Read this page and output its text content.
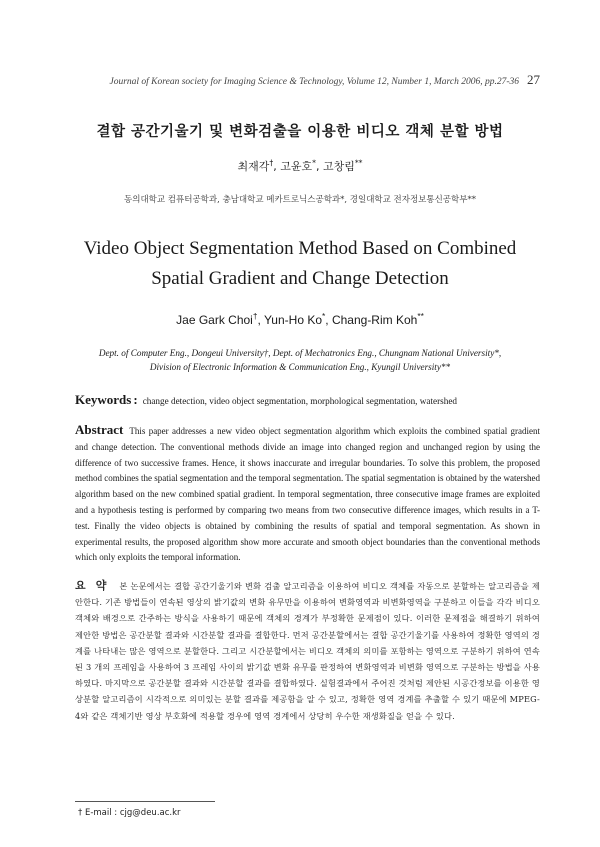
Journal of Korean society for Imaging Science & Technology, Volume 12, Number 1, March 2006, pp.27-36 27
결합 공간기울기 및 변화검출을 이용한 비디오 객체 분할 방법
최재각†, 고윤호*, 고창림**
동의대학교 컴퓨터공학과, 충남대학교 메카트로닉스공학과*, 경일대학교 전자정보통신공학부**
Video Object Segmentation Method Based on Combined Spatial Gradient and Change Detection
Jae Gark Choi†, Yun-Ho Ko*, Chang-Rim Koh**
Dept. of Computer Eng., Dongeui University†, Dept. of Mechatronics Eng., Chungnam National University*,
Division of Electronic Information & Communication Eng., Kyungil University**
Keywords : change detection, video object segmentation, morphological segmentation, watershed
Abstract This paper addresses a new video object segmentation algorithm which exploits the combined spatial gradient and change detection. The conventional methods divide an image into changed region and unchanged region by using the difference of two successive frames. Hence, it shows inaccurate and irregular boundaries. To solve this problem, the proposed method combines the spatial segmentation and the temporal segmentation. The spatial segmentation is obtained by the watershed algorithm based on the new combined spatial gradient. In temporal segmentation, three consecutive image frames are exploited and a hypothesis testing is performed by comparing two means from two consecutive difference images, which results in a T-test. Finally the video objects is obtained by combining the results of spatial and temporal segmentation. As shown in experimental results, the proposed algorithm show more accurate and smooth object boundaries than the conventional methods which only exploits the temporal information.
요 약 본 논문에서는 결합 공간기울기와 변화 검출 알고리즘을 이용하여 비디오 객체를 자동으로 분할하는 알고리즘을 제안한다. 기존 방법들이 연속된 영상의 밝기값의 변화 유무만을 이용하여 변화영역과 비변화영역을 구분하고 이들을 각각 비디오 객체와 배경으로 간주하는 방식을 사용하기 때문에 객체의 경계가 부정확한 문제점이 있다. 이러한 문제점을 해결하기 위하여 제안한 방법은 공간분할 결과와 시간분할 결과를 결합한다. 먼저 공간분할에서는 결합 공간기울기를 사용하여 정확한 영역의 경계를 나타내는 많은 영역으로 분할한다. 그리고 시간분할에서는 비디오 객체의 의미를 포함하는 영역으로 구분하기 위하여 연속된 3 개의 프레임을 사용하여 3 프레임 사이의 밝기값 변화 유무를 판정하여 변화영역과 비변화 영역으로 구분하는 방법을 사용하였다. 마지막으로 공간분할 결과와 시간분할 결과를 결합하였다. 실험결과에서 주어진 것처럼 제안된 시공간정보를 이용한 영상분할 알고리즘이 시각적으로 의미있는 분할 결과를 제공함을 알 수 있고, 정확한 영역 경계를 추출할 수 있기 때문에 MPEG-4와 같은 객체기반 영상 부호화에 적용할 경우에 영역 경계에서 상당히 우수한 재생화질을 얻을 수 있다.
† E-mail : cjg@deu.ac.kr
